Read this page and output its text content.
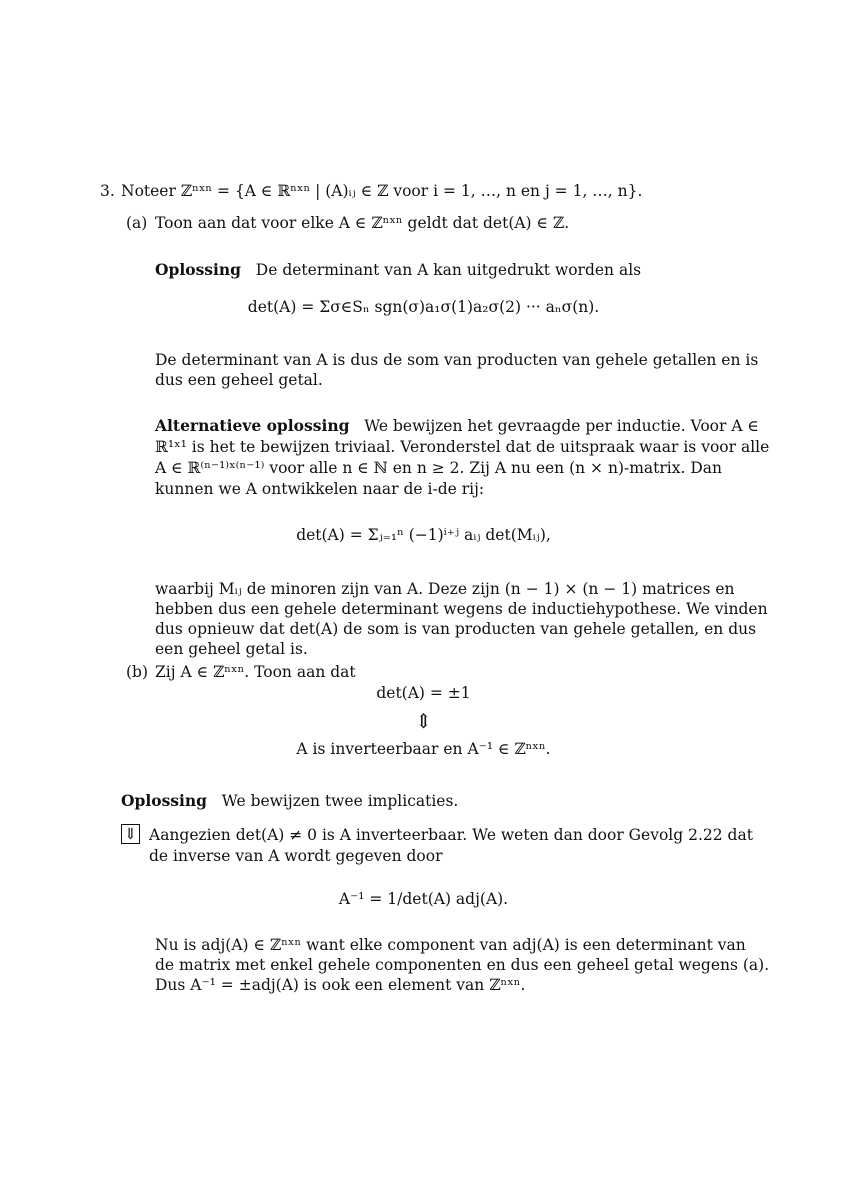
3. Noteer ℤⁿˣⁿ = {A ∈ ℝⁿˣⁿ | (A)ᵢⱼ ∈ ℤ voor i = 1, …, n en j = 1, …, n}.
(a) Toon aan dat voor elke A ∈ ℤⁿˣⁿ geldt dat det(A) ∈ ℤ.
Oplossing De determinant van A kan uitgedrukt worden als
det(A) = Σσ∈Sₙ sgn(σ)a₁σ(1)a₂σ(2) ··· aₙσ(n).
De determinant van A is dus de som van producten van gehele getallen en is
dus een geheel getal.
Alternatieve oplossing We bewijzen het gevraagde per inductie. Voor A ∈
ℝ¹ˣ¹ is het te bewijzen triviaal. Veronderstel dat de uitspraak waar is voor alle
A ∈ ℝ⁽ⁿ⁻¹⁾ˣ⁽ⁿ⁻¹⁾ voor alle n ∈ ℕ en n ≥ 2. Zij A nu een (n × n)-matrix. Dan
kunnen we A ontwikkelen naar de i-de rij:
det(A) = Σⱼ₌₁ⁿ (−1)ⁱ⁺ʲ aᵢⱼ det(Mᵢⱼ),
waarbij Mᵢⱼ de minoren zijn van A. Deze zijn (n − 1) × (n − 1) matrices en
hebben dus een gehele determinant wegens de inductiehypothese. We vinden
dus opnieuw dat det(A) de som is van producten van gehele getallen, en dus
een geheel getal is.
(b) Zij A ∈ ℤⁿˣⁿ. Toon aan dat
det(A) = ±1
⇕
A is inverteerbaar en A⁻¹ ∈ ℤⁿˣⁿ.
Oplossing We bewijzen twee implicaties.
⇓ Aangezien det(A) ≠ 0 is A inverteerbaar. We weten dan door Gevolg 2.22 dat
de inverse van A wordt gegeven door
A⁻¹ = 1/det(A) adj(A).
Nu is adj(A) ∈ ℤⁿˣⁿ want elke component van adj(A) is een determinant van
de matrix met enkel gehele componenten en dus een geheel getal wegens (a).
Dus A⁻¹ = ±adj(A) is ook een element van ℤⁿˣⁿ.
